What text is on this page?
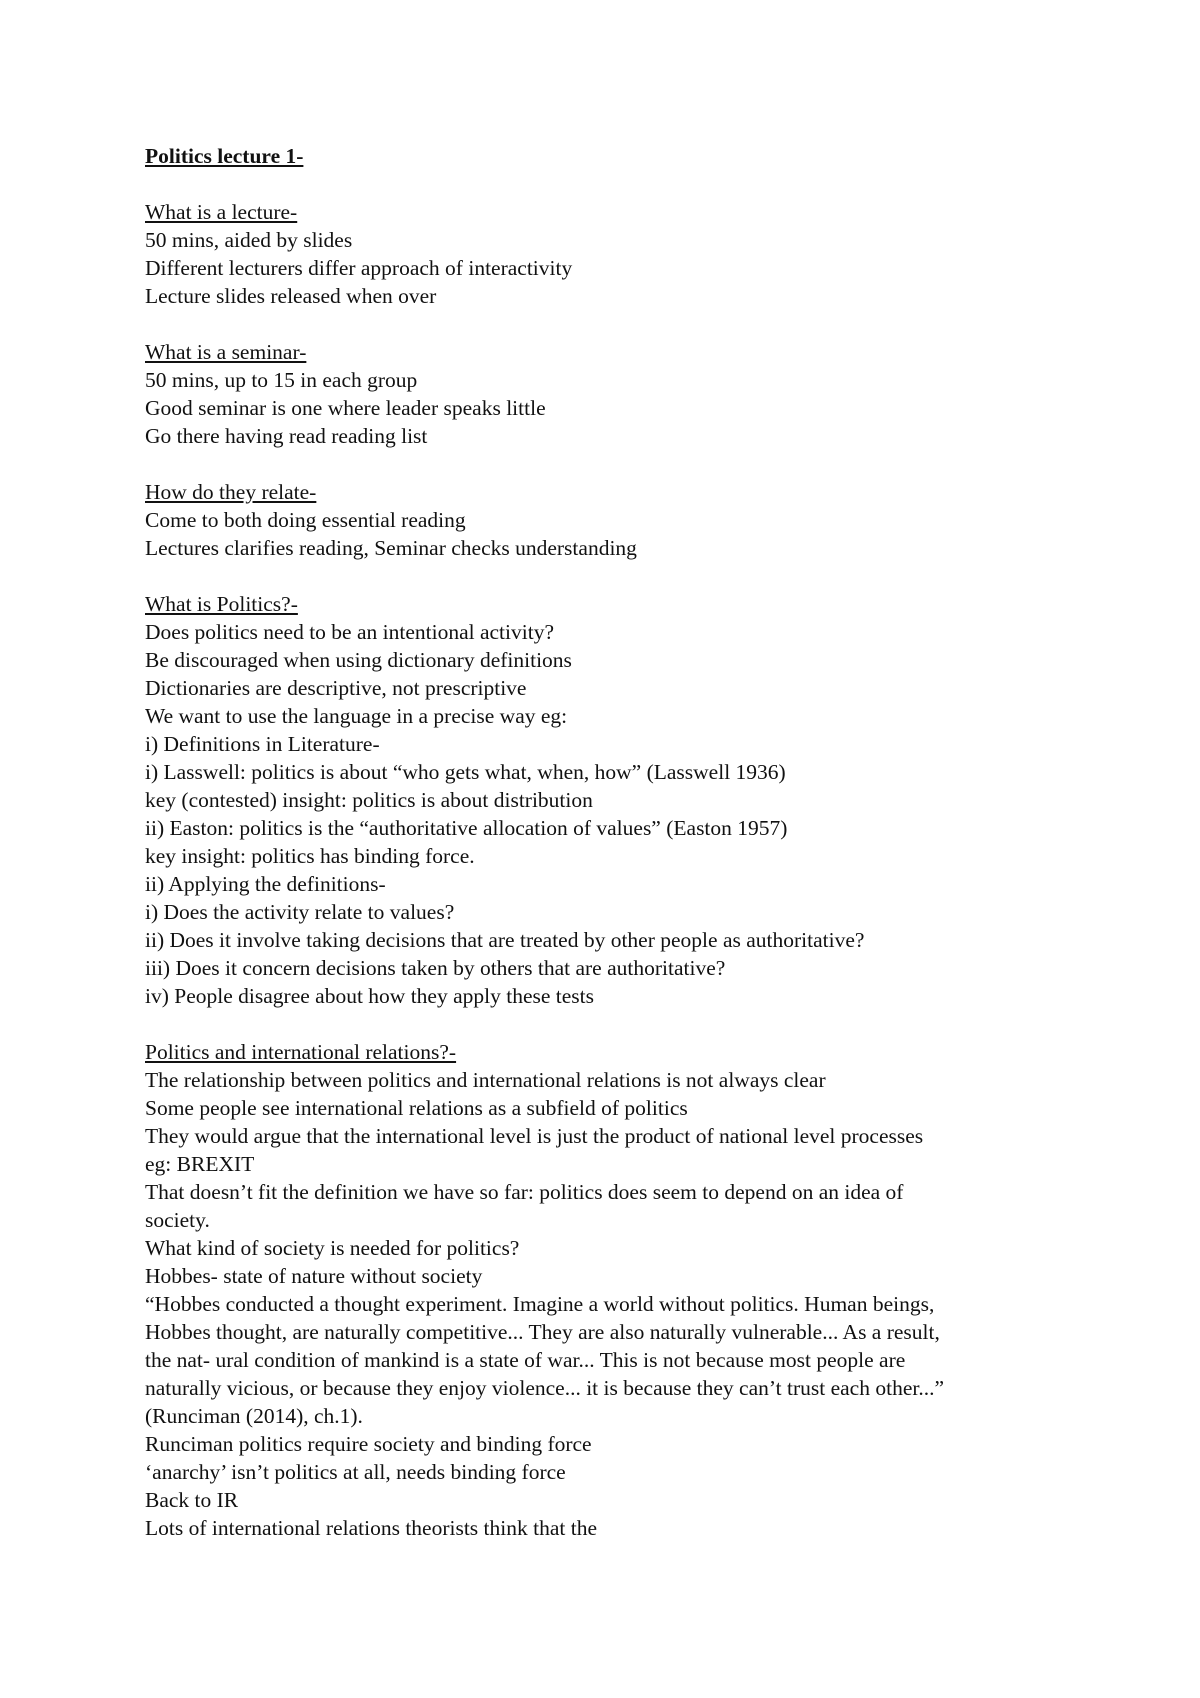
Politics lecture 1-
What is a lecture-
50 mins, aided by slides
Different lecturers differ approach of interactivity
Lecture slides released when over
What is a seminar-
50 mins, up to 15 in each group
Good seminar is one where leader speaks little
Go there having read reading list
How do they relate-
Come to both doing essential reading
Lectures clarifies reading, Seminar checks understanding
What is Politics?-
Does politics need to be an intentional activity?
Be discouraged when using dictionary definitions
Dictionaries are descriptive, not prescriptive
We want to use the language in a precise way eg:
i) Definitions in Literature-
i) Lasswell: politics is about “who gets what, when, how” (Lasswell 1936)
key (contested) insight: politics is about distribution
ii) Easton: politics is the “authoritative allocation of values” (Easton 1957)
key insight: politics has binding force.
ii) Applying the definitions-
i) Does the activity relate to values?
ii) Does it involve taking decisions that are treated by other people as authoritative?
iii) Does it concern decisions taken by others that are authoritative?
iv) People disagree about how they apply these tests
Politics and international relations?-
The relationship between politics and international relations is not always clear
Some people see international relations as a subfield of politics
They would argue that the international level is just the product of national level processes
eg: BREXIT
That doesn’t fit the definition we have so far: politics does seem to depend on an idea of
society.
What kind of society is needed for politics?
Hobbes- state of nature without society
“Hobbes conducted a thought experiment. Imagine a world without politics. Human beings,
Hobbes thought, are naturally competitive... They are also naturally vulnerable... As a result,
the nat- ural condition of mankind is a state of war... This is not because most people are
naturally vicious, or because they enjoy violence... it is because they can’t trust each other...”
(Runciman (2014), ch.1).
Runciman politics require society and binding force
‘anarchy’ isn’t politics at all, needs binding force
Back to IR
Lots of international relations theorists think that the
